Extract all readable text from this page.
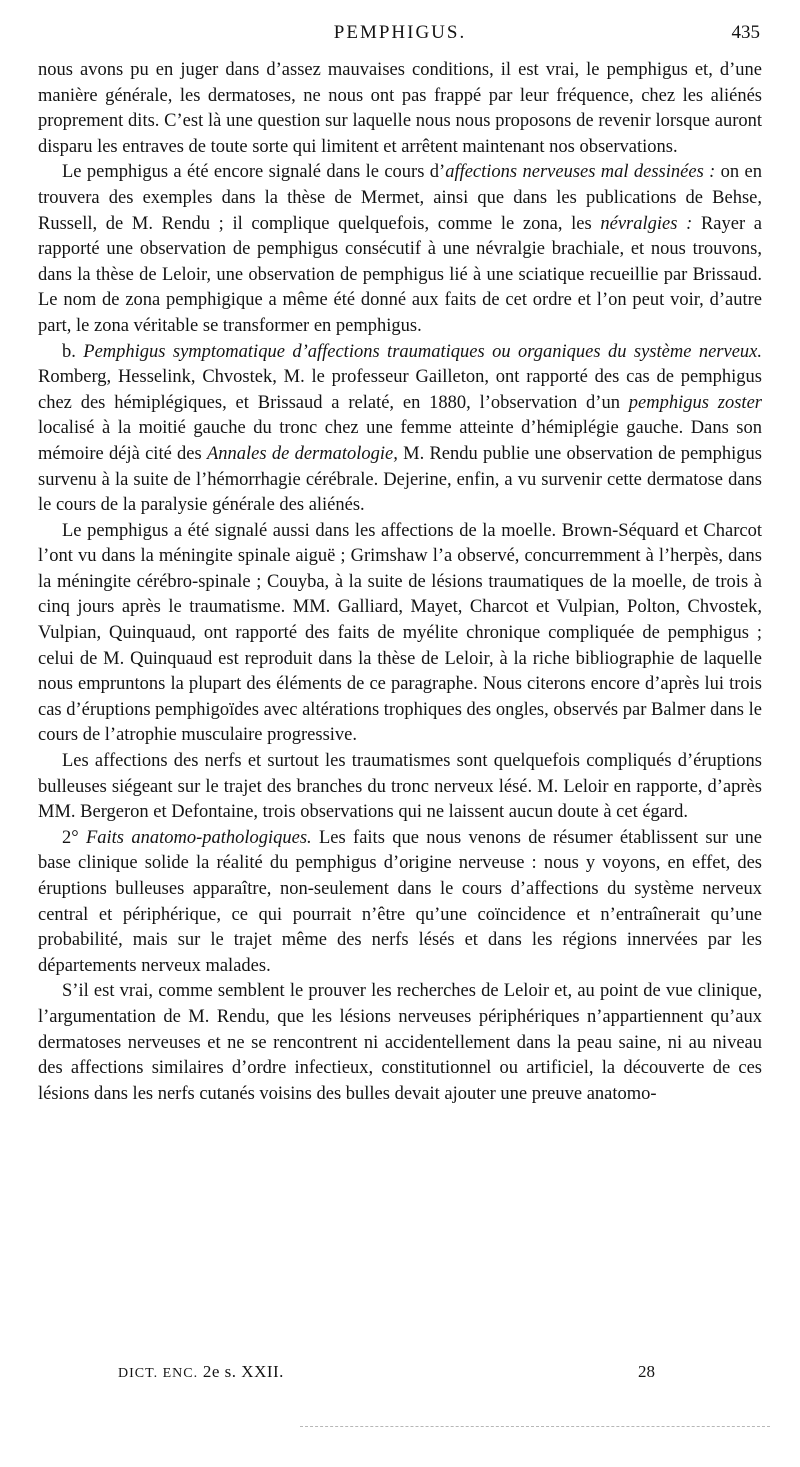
PEMPHIGUS.	435

nous avons pu en juger dans d’assez mauvaises conditions, il est vrai, le pemphigus et, d’une manière générale, les dermatoses, ne nous ont pas frappé par leur fréquence, chez les aliénés proprement dits. C’est là une question sur laquelle nous nous proposons de revenir lorsque auront disparu les entraves de toute sorte qui limitent et arrêtent maintenant nos observations.

Le pemphigus a été encore signalé dans le cours d’affections nerveuses mal dessinées : on en trouvera des exemples dans la thèse de Mermet, ainsi que dans les publications de Behse, Russell, de M. Rendu ; il complique quelquefois, comme le zona, les névralgies : Rayer a rapporté une observation de pemphigus consécutif à une névralgie brachiale, et nous trouvons, dans la thèse de Leloir, une observation de pemphigus lié à une sciatique recueillie par Brissaud. Le nom de zona pemphigique a même été donné aux faits de cet ordre et l’on peut voir, d’autre part, le zona véritable se transformer en pemphigus.

b. Pemphigus symptomatique d’affections traumatiques ou organiques du système nerveux. Romberg, Hesselink, Chvostek, M. le professeur Gailleton, ont rapporté des cas de pemphigus chez des hémiplégiques, et Brissaud a relaté, en 1880, l’observation d’un pemphigus zoster localisé à la moitié gauche du tronc chez une femme atteinte d’hémiplégie gauche. Dans son mémoire déjà cité des Annales de dermatologie, M. Rendu publie une observation de pemphigus survenu à la suite de l’hémorrhagie cérébrale. Dejerine, enfin, a vu survenir cette dermatose dans le cours de la paralysie générale des aliénés.

Le pemphigus a été signalé aussi dans les affections de la moelle. Brown-Séquard et Charcot l’ont vu dans la méningite spinale aiguë ; Grimshaw l’a observé, concurremment à l’herpès, dans la méningite cérébro-spinale ; Couyba, à la suite de lésions traumatiques de la moelle, de trois à cinq jours après le traumatisme. MM. Galliard, Mayet, Charcot et Vulpian, Polton, Chvostek, Vulpian, Quinquaud, ont rapporté des faits de myélite chronique compliquée de pemphigus ; celui de M. Quinquaud est reproduit dans la thèse de Leloir, à la riche bibliographie de laquelle nous empruntons la plupart des éléments de ce paragraphe. Nous citerons encore d’après lui trois cas d’éruptions pemphigoïdes avec altérations trophiques des ongles, observés par Balmer dans le cours de l’atrophie musculaire progressive.

Les affections des nerfs et surtout les traumatismes sont quelquefois compliqués d’éruptions bulleuses siégeant sur le trajet des branches du tronc nerveux lésé. M. Leloir en rapporte, d’après MM. Bergeron et Defontaine, trois observations qui ne laissent aucun doute à cet égard.

2° Faits anatomo-pathologiques. Les faits que nous venons de résumer établissent sur une base clinique solide la réalité du pemphigus d’origine nerveuse : nous y voyons, en effet, des éruptions bulleuses apparaître, non-seulement dans le cours d’affections du système nerveux central et périphérique, ce qui pourrait n’être qu’une coïncidence et n’entraînerait qu’une probabilité, mais sur le trajet même des nerfs lésés et dans les régions innervées par les départements nerveux malades.

S’il est vrai, comme semblent le prouver les recherches de Leloir et, au point de vue clinique, l’argumentation de M. Rendu, que les lésions nerveuses périphériques n’appartiennent qu’aux dermatoses nerveuses et ne se rencontrent ni accidentellement dans la peau saine, ni au niveau des affections similaires d’ordre infectieux, constitutionnel ou artificiel, la découverte de ces lésions dans les nerfs cutanés voisins des bulles devait ajouter une preuve anatomo-

DICT. ENC. 2e s. XXII.	28
